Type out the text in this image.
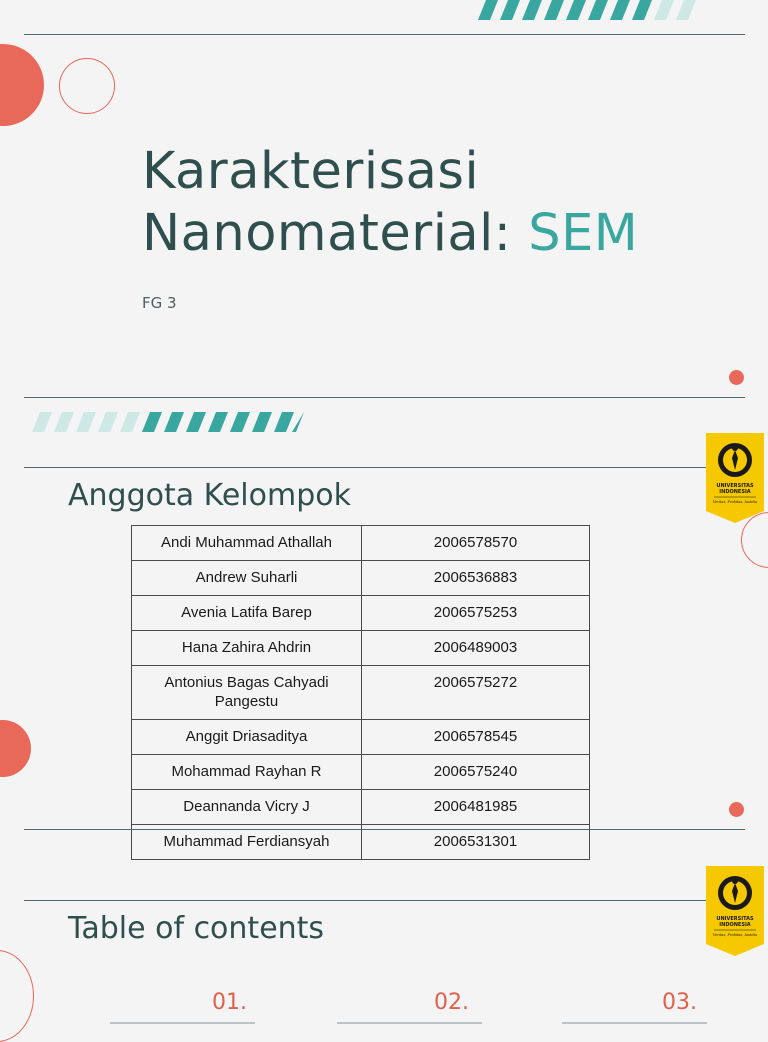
Karakterisasi
Nanomaterial: SEM
FG 3
UNIVERSITAS
INDONESIA
Veritas, Probitas, Iustitia
Anggota Kelompok
Andi Muhammad Athallah	2006578570
Andrew Suharli	2006536883
Avenia Latifa Barep	2006575253
Hana Zahira Ahdrin	2006489003
Antonius Bagas Cahyadi Pangestu	2006575272
Anggit Driasaditya	2006578545
Mohammad Rayhan R	2006575240
Deannanda Vicry J	2006481985
Muhammad Ferdiansyah	2006531301
UNIVERSITAS
INDONESIA
Veritas, Probitas, Iustitia
Table of contents
01.	02.	03.
